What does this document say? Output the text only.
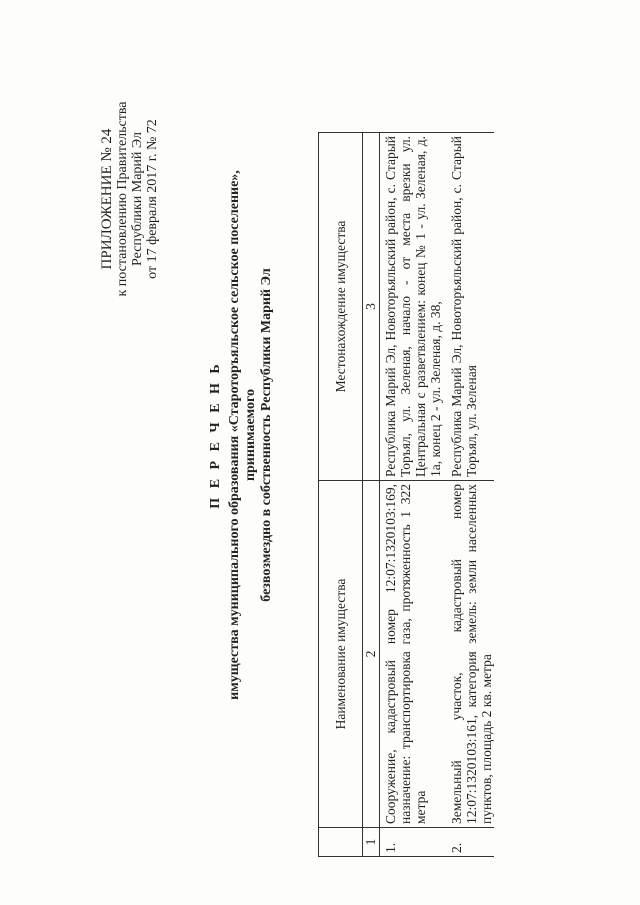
ПРИЛОЖЕНИЕ № 24 к постановлению Правительства Республики Марий Эл от 17 февраля 2017 г. № 72
П Е Р Е Ч Е Н Ь имущества муниципального образования «Староторъяльское сельское поселение», принимаемого безвозмездно в собственность Республики Марий Эл
	Наименование имущества	Местонахождение имущества
1	2	3
1.	Сооружение, кадастровый номер 12:07:1320103:169, назначение: транспортировка газа, протяженность 1 322 метра	Республика Марий Эл, Новоторъяльский район, с. Старый Торъял, ул. Зеленая, начало - от места врезки ул. Центральная с разветвлением: конец № 1 - ул. Зеленая, д. 1а, конец 2 - ул. Зеленая, д. 38,
2.	Земельный участок, кадастровый номер 12:07:1320103:161, категория земель: земли населенных пунктов, площадь 2 кв. метра	Республика Марий Эл, Новоторъяльский район, с. Старый Торъял, ул. Зеленая
